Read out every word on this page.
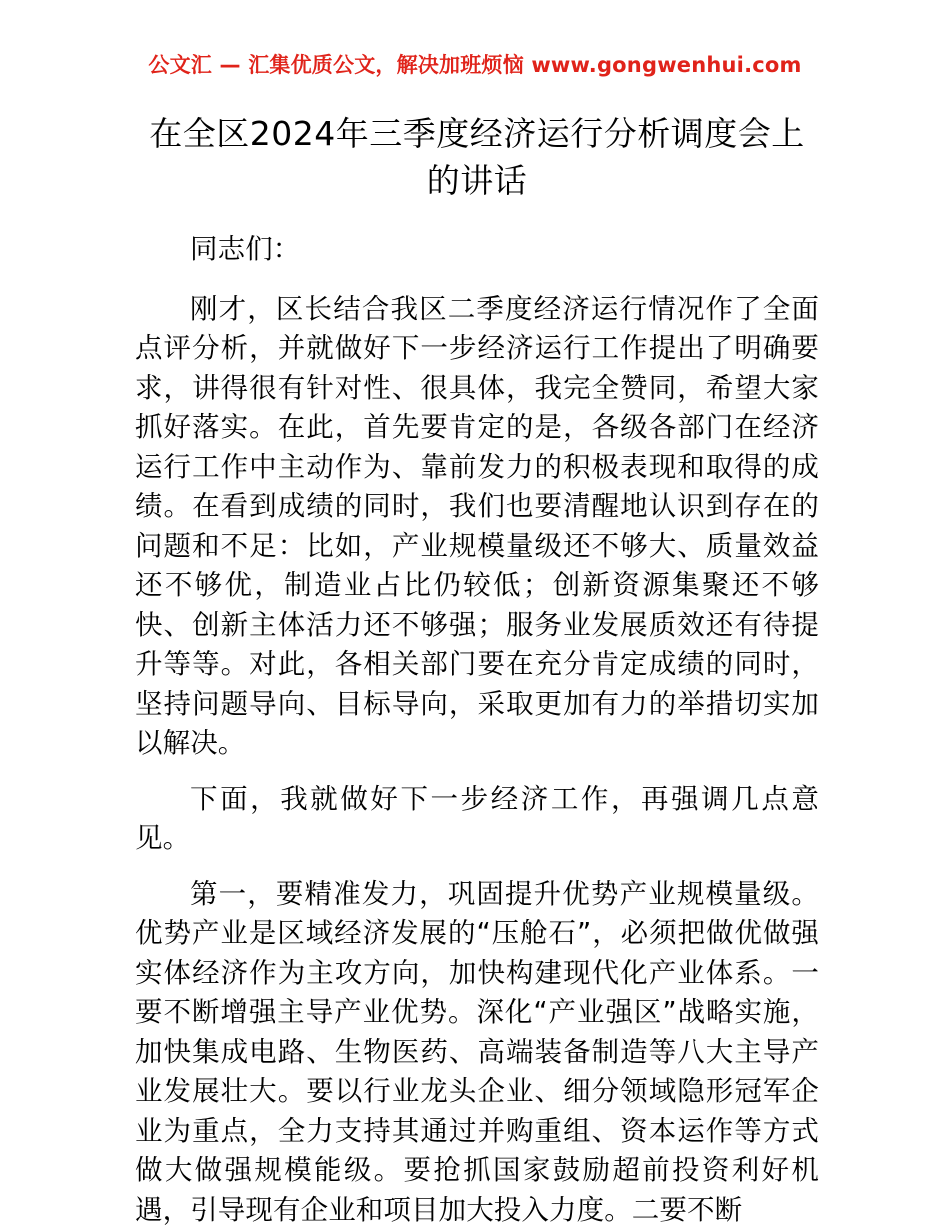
公文汇 — 汇集优质公文，解决加班烦恼 www.gongwenhui.com
在全区2024年三季度经济运行分析调度会上的讲话

同志们：

刚才，区长结合我区二季度经济运行情况作了全面点评分析，并就做好下一步经济运行工作提出了明确要求，讲得很有针对性、很具体，我完全赞同，希望大家抓好落实。在此，首先要肯定的是，各级各部门在经济运行工作中主动作为、靠前发力的积极表现和取得的成绩。在看到成绩的同时，我们也要清醒地认识到存在的问题和不足：比如，产业规模量级还不够大、质量效益还不够优，制造业占比仍较低；创新资源集聚还不够快、创新主体活力还不够强；服务业发展质效还有待提升等等。对此，各相关部门要在充分肯定成绩的同时，坚持问题导向、目标导向，采取更加有力的举措切实加以解决。

下面，我就做好下一步经济工作，再强调几点意见。

第一，要精准发力，巩固提升优势产业规模量级。优势产业是区域经济发展的“压舱石”，必须把做优做强实体经济作为主攻方向，加快构建现代化产业体系。一要不断增强主导产业优势。深化“产业强区”战略实施，加快集成电路、生物医药、高端装备制造等八大主导产业发展壮大。要以行业龙头企业、细分领域隐形冠军企业为重点，全力支持其通过并购重组、资本运作等方式做大做强规模能级。要抢抓国家鼓励超前投资利好机遇，引导现有企业和项目加大投入力度。二要不断
